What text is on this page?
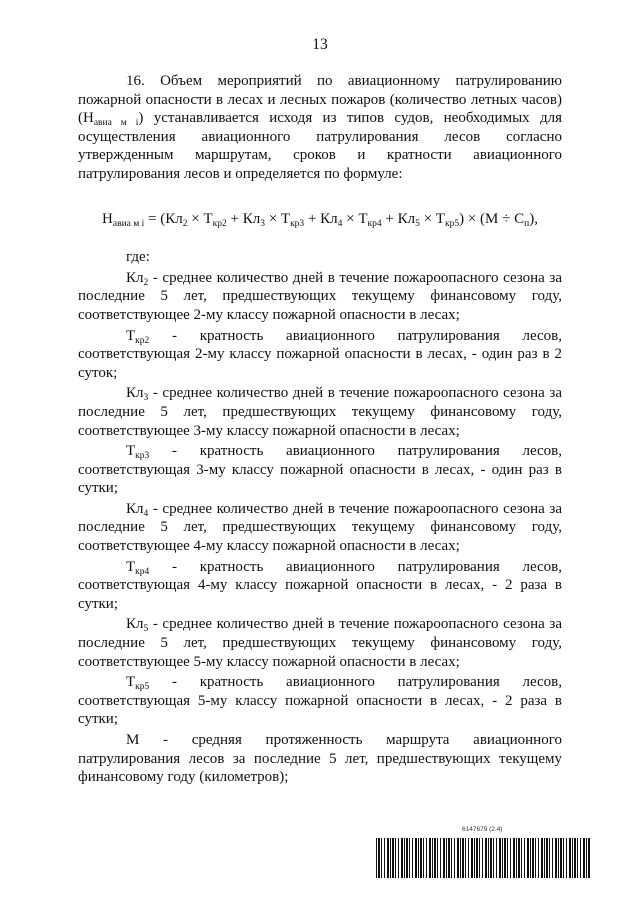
13

16. Объем мероприятий по авиационному патрулированию пожарной опасности в лесах и лесных пожаров (количество летных часов) $(Н_{авиа м i})$ устанавливается исходя из типов судов, необходимых для осуществления авиационного патрулирования лесов согласно утвержденным маршрутам, сроков и кратности авиационного патрулирования лесов и определяется по формуле:

$Н_{авиа м i} = (Кл_2 \times Т_{кр2} + Кл_3 \times Т_{кр3} + Кл_4 \times Т_{кр4} + Кл_5 \times Т_{кр5}) \times (М \div С_п)$,

где:

$Кл_2$ - среднее количество дней в течение пожароопасного сезона за последние 5 лет, предшествующих текущему финансовому году, соответствующее 2-му классу пожарной опасности в лесах;

$Т_{кр2}$ - кратность авиационного патрулирования лесов,

соответствующая 2-му классу пожарной опасности в лесах, - один раз в 2 суток;

$Кл_3$ - среднее количество дней в течение пожароопасного сезона за последние 5 лет, предшествующих текущему финансовому году, соответствующее 3-му классу пожарной опасности в лесах;

$Т_{кр3}$ - кратность авиационного патрулирования лесов,

соответствующая 3-му классу пожарной опасности в лесах, - один раз в сутки;

$Кл_4$ - среднее количество дней в течение пожароопасного сезона за последние 5 лет, предшествующих текущему финансовому году, соответствующее 4-му классу пожарной опасности в лесах;

$Т_{кр4}$ - кратность авиационного патрулирования лесов,

соответствующая 4-му классу пожарной опасности в лесах, - 2 раза в сутки;

$Кл_5$ - среднее количество дней в течение пожароопасного сезона за последние 5 лет, предшествующих текущему финансовому году, соответствующее 5-му классу пожарной опасности в лесах;

$Т_{кр5}$ - кратность авиационного патрулирования лесов,

соответствующая 5-му классу пожарной опасности в лесах, - 2 раза в сутки;

М - средняя протяженность маршрута авиационного патрулирования лесов за последние 5 лет, предшествующих текущему финансовому году (километров);

6147679 (2.4)
